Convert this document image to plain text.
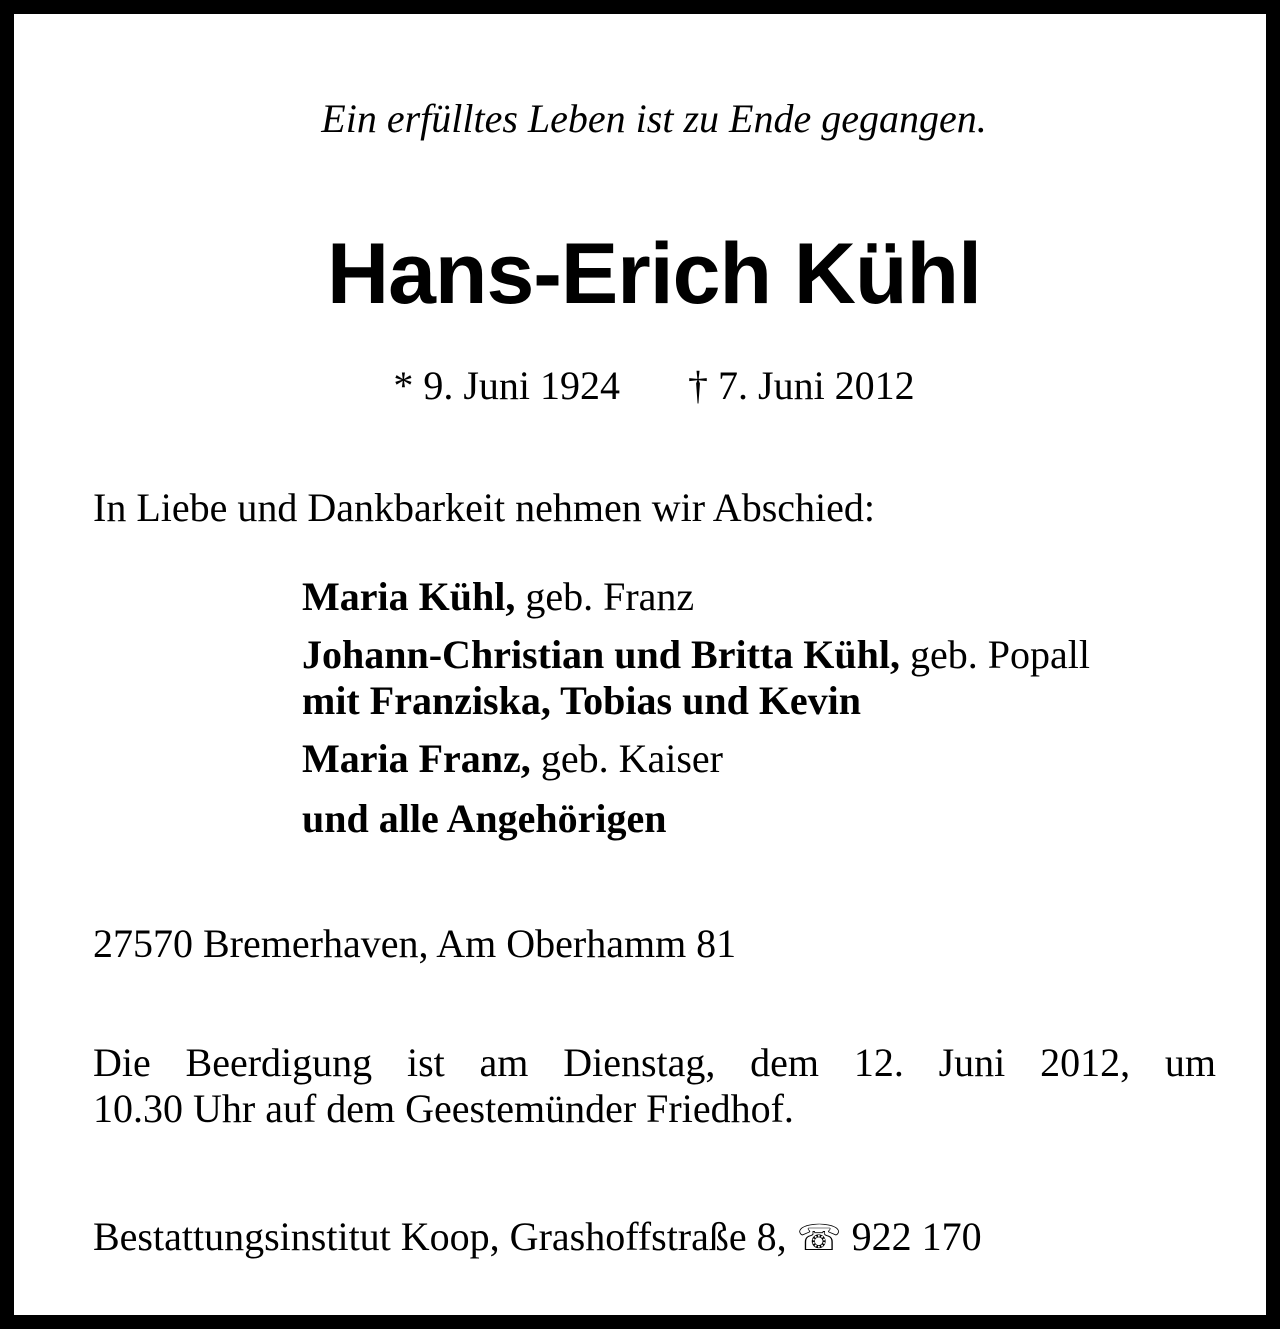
Ein erfülltes Leben ist zu Ende gegangen.
Hans-Erich Kühl
* 9. Juni 1924 † 7. Juni 2012
In Liebe und Dankbarkeit nehmen wir Abschied:
Maria Kühl, geb. Franz
Johann-Christian und Britta Kühl, geb. Popall
mit Franziska, Tobias und Kevin
Maria Franz, geb. Kaiser
und alle Angehörigen
27570 Bremerhaven, Am Oberhamm 81
Die Beerdigung ist am Dienstag, dem 12. Juni 2012, um
10.30 Uhr auf dem Geestemünder Friedhof.
Bestattungsinstitut Koop, Grashoffstraße 8, ☏ 922 170
